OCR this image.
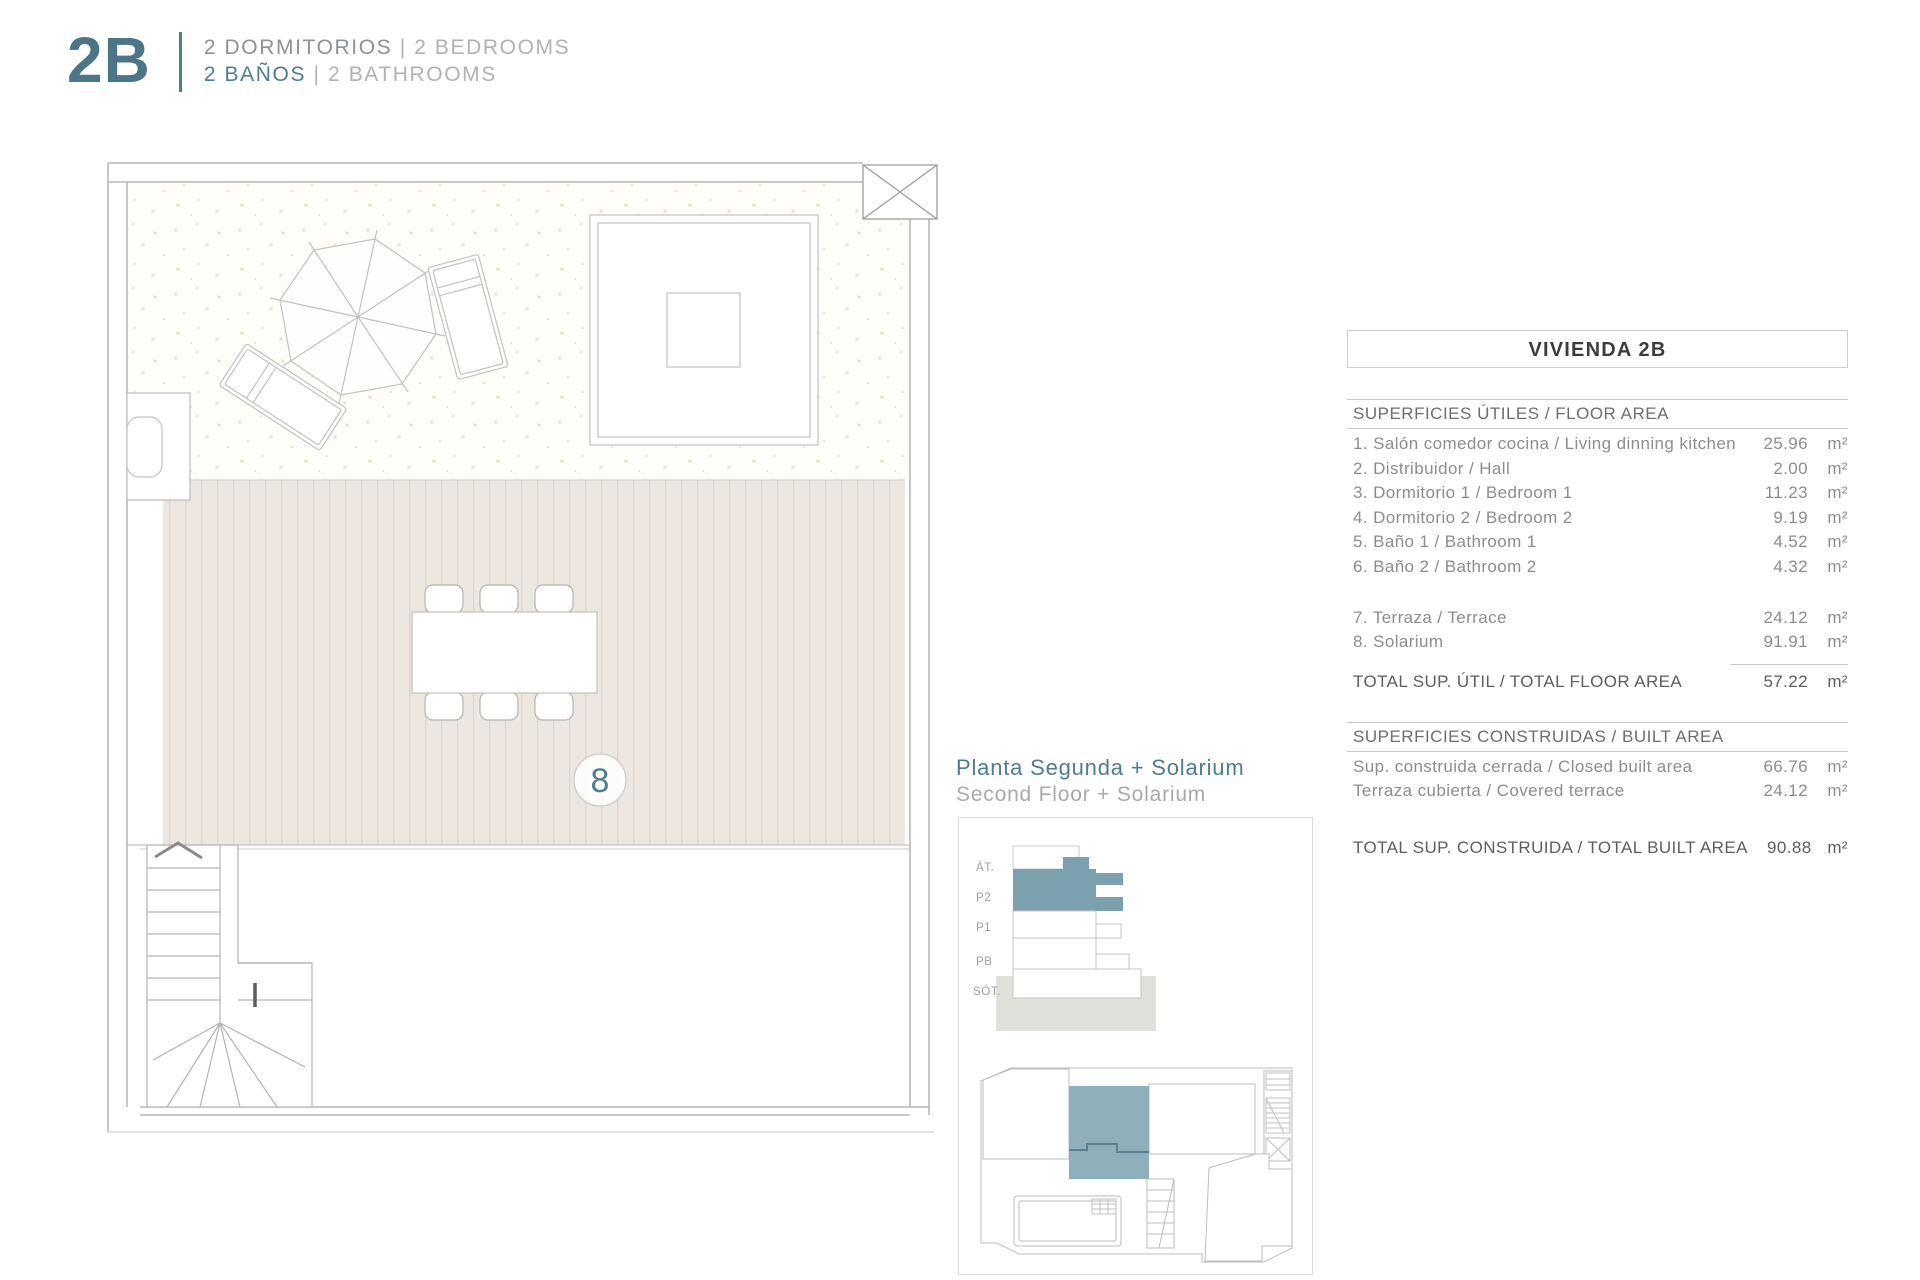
2B	2 DORMITORIOS | 2 BEDROOMS
2 BAÑOS | 2 BATHROOMS
8	Planta Segunda + Solarium
Second Floor + Solarium
ÁT.
P2
P1
PB
SÓT.
VIVIENDA 2B
SUPERFICIES ÚTILES / FLOOR AREA
1. Salón comedor cocina / Living dinning kitchen	25.96	m²
2. Distribuidor / Hall	2.00	m²
3. Dormitorio 1 / Bedroom 1	11.23	m²
4. Dormitorio 2 / Bedroom 2	9.19	m²
5. Baño 1 / Bathroom 1	4.52	m²
6. Baño 2 / Bathroom 2	4.32	m²
7. Terraza / Terrace	24.12	m²
8. Solarium	91.91	m²
TOTAL SUP. ÚTIL / TOTAL FLOOR AREA	57.22	m²
SUPERFICIES CONSTRUIDAS / BUILT AREA
Sup. construida cerrada / Closed built area	66.76	m²
Terraza cubierta / Covered terrace	24.12	m²
TOTAL SUP. CONSTRUIDA / TOTAL BUILT AREA	90.88 m²
